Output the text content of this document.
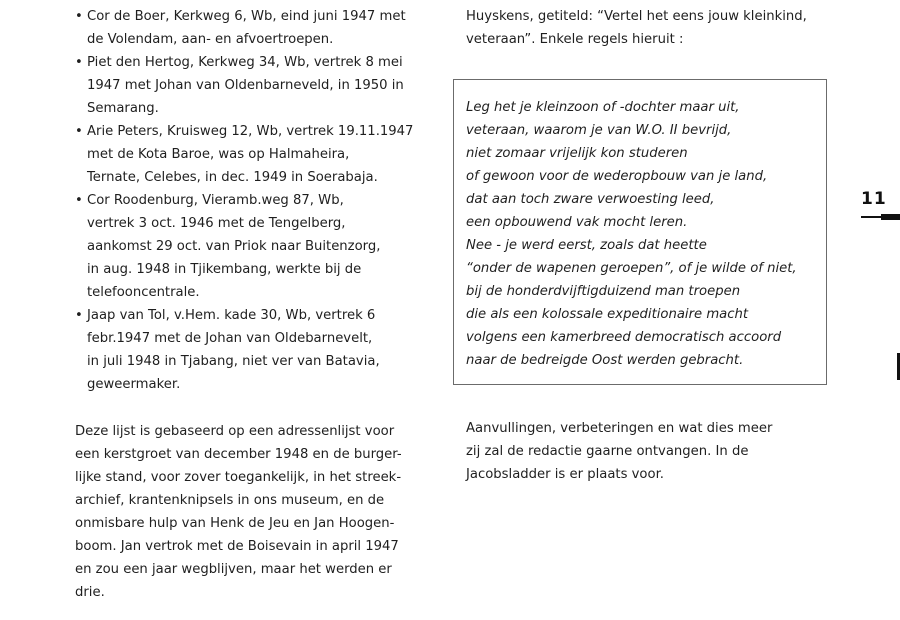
• Cor de Boer, Kerkweg 6, Wb, eind juni 1947 met
de Volendam, aan- en afvoertroepen.
• Piet den Hertog, Kerkweg 34, Wb, vertrek 8 mei
1947 met Johan van Oldenbarneveld, in 1950 in
Semarang.
• Arie Peters, Kruisweg 12, Wb, vertrek 19.11.1947
met de Kota Baroe, was op Halmaheira,
Ternate, Celebes, in dec. 1949 in Soerabaja.
• Cor Roodenburg, Vieramb.weg 87, Wb,
vertrek 3 oct. 1946 met de Tengelberg,
aankomst 29 oct. van Priok naar Buitenzorg,
in aug. 1948 in Tjikembang, werkte bij de
telefooncentrale.
• Jaap van Tol, v.Hem. kade 30, Wb, vertrek 6
febr.1947 met de Johan van Oldebarnevelt,
in juli 1948 in Tjabang, niet ver van Batavia,
geweermaker.
Deze lijst is gebaseerd op een adressenlijst voor
een kerstgroet van december 1948 en de burger-
lijke stand, voor zover toegankelijk, in het streek-
archief, krantenknipsels in ons museum, en de
onmisbare hulp van Henk de Jeu en Jan Hoogen-
boom. Jan vertrok met de Boisevain in april 1947
en zou een jaar wegblijven, maar het werden er
drie.
Huyskens, getiteld: “Vertel het eens jouw kleinkind,
veteraan”. Enkele regels hieruit :
Leg het je kleinzoon of -dochter maar uit,
veteraan, waarom je van W.O. II bevrijd,
niet zomaar vrijelijk kon studeren
of gewoon voor de wederopbouw van je land,
dat aan toch zware verwoesting leed,
een opbouwend vak mocht leren.
Nee - je werd eerst, zoals dat heette
“onder de wapenen geroepen”, of je wilde of niet,
bij de honderdvijftigduizend man troepen
die als een kolossale expeditionaire macht
volgens een kamerbreed democratisch accoord
naar de bedreigde Oost werden gebracht.
Aanvullingen, verbeteringen en wat dies meer
zij zal de redactie gaarne ontvangen. In de
Jacobsladder is er plaats voor.
11
